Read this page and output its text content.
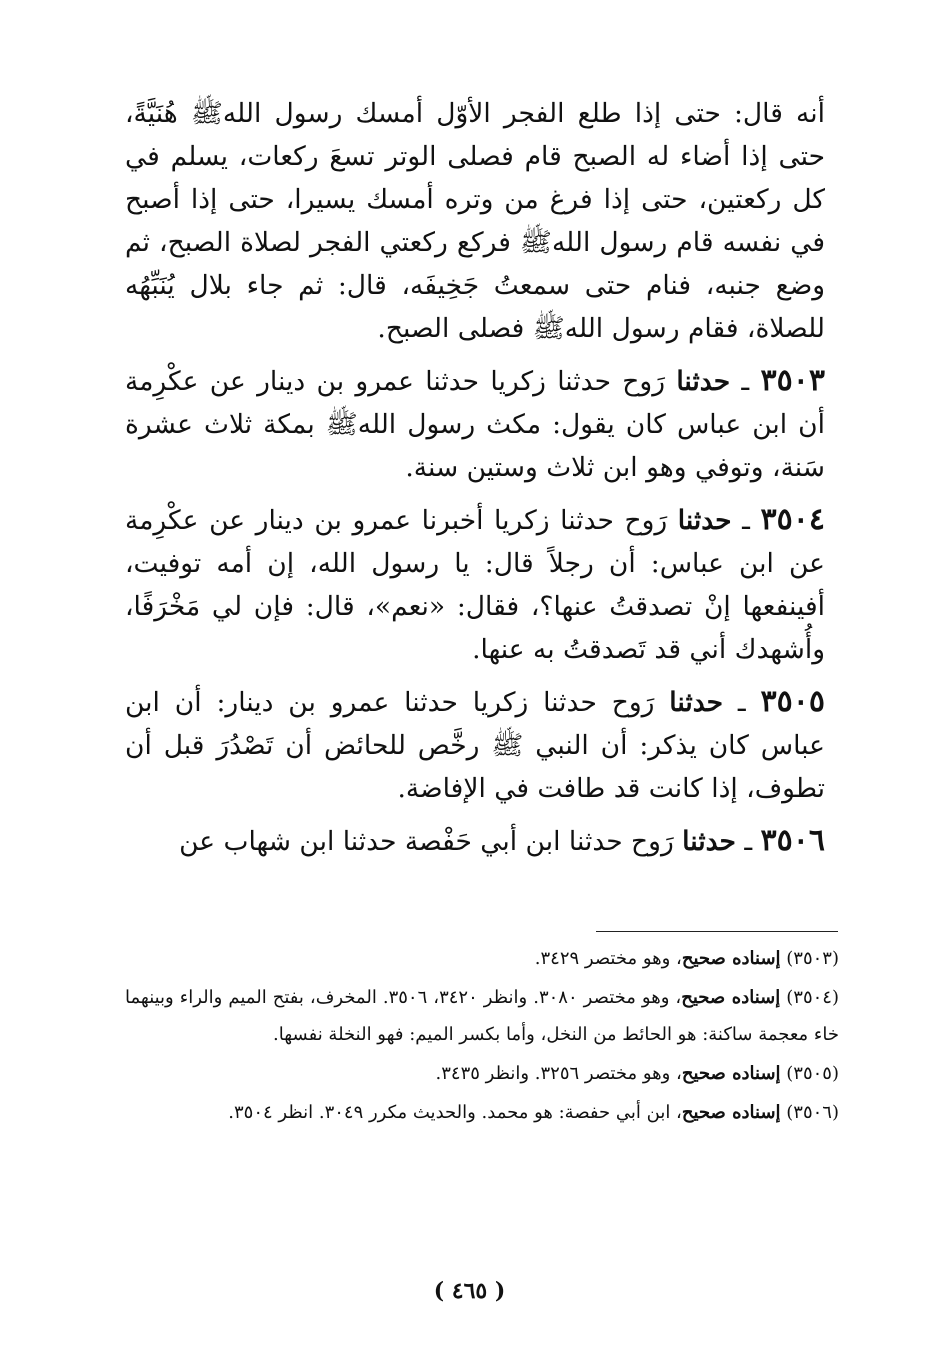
أنه قال: حتى إذا طلع الفجر الأوّل أمسك رسول اللهﷺ هُنَيَّةً، حتى إذا أضاء له الصبح قام فصلى الوتر تسعَ ركعات، يسلم في كل ركعتين، حتى إذا فرغ من وتره أمسك يسيرا، حتى إذا أصبح في نفسه قام رسول اللهﷺ فركع ركعتي الفجر لصلاة الصبح، ثم وضع جنبه، فنام حتى سمعتُ جَخِيفَه، قال: ثم جاء بلال يُنَبِّهُه للصلاة، فقام رسول اللهﷺ فصلى الصبح.

٣٥٠٣ ـ حدثنا رَوح حدثنا زكريا حدثنا عمرو بن دينار عن عكْرِمة أن ابن عباس كان يقول: مكث رسول اللهﷺ بمكة ثلاث عشرة سَنة، وتوفي وهو ابن ثلاث وستين سنة.

٣٥٠٤ ـ حدثنا رَوح حدثنا زكريا أخبرنا عمرو بن دينار عن عكْرِمة عن ابن عباس: أن رجلاً قال: يا رسول الله، إن أمه توفيت، أفينفعها إنْ تصدقتُ عنها؟، فقال: «نعم»، قال: فإن لي مَخْرَفًا، وأُشهدك أني قد تَصدقتُ به عنها.

٣٥٠٥ ـ حدثنا رَوح حدثنا زكريا حدثنا عمرو بن دينار: أن ابن عباس كان يذكر: أن النبي ﷺ رخَّص للحائض أن تَصْدُرَ قبل أن تطوف، إذا كانت قد طافت في الإفاضة.

٣٥٠٦ ـ حدثنا رَوح حدثنا ابن أبي حَفْصة حدثنا ابن شهاب عن

(٣٥٠٣) إسناده صحيح، وهو مختصر ٣٤٢٩.

(٣٥٠٤) إسناده صحيح، وهو مختصر ٣٠٨٠. وانظر ٣٤٢٠، ٣٥٠٦. المخرف، بفتح الميم والراء وبينهما خاء معجمة ساكنة: هو الحائط من النخل، وأما بكسر الميم: فهو النخلة نفسها.

(٣٥٠٥) إسناده صحيح، وهو مختصر ٣٢٥٦. وانظر ٣٤٣٥.

(٣٥٠٦) إسناده صحيح، ابن أبي حفصة: هو محمد. والحديث مكرر ٣٠٤٩. انظر ٣٥٠٤.

( ٤٦٥ )
